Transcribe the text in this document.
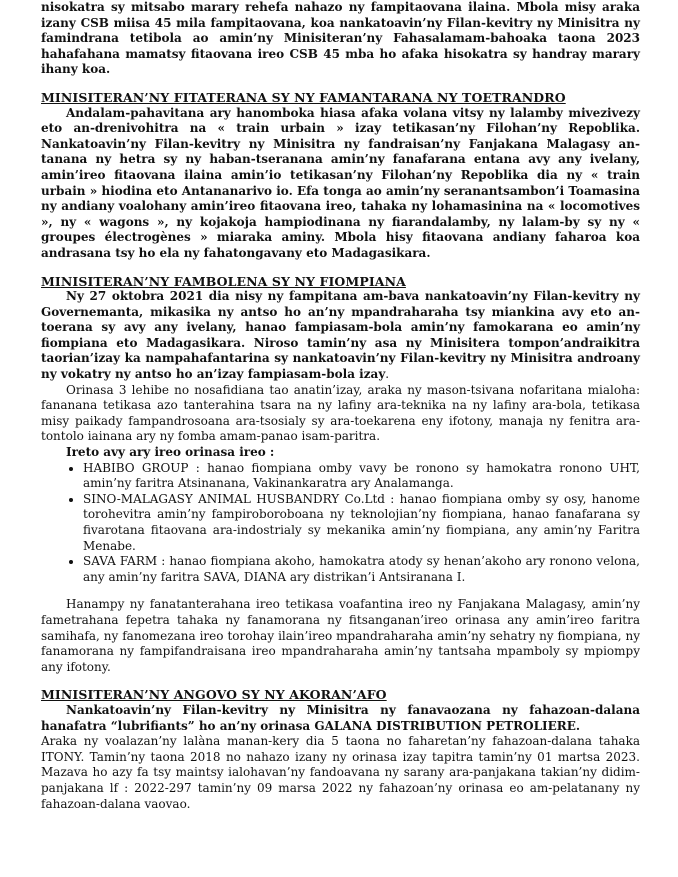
nisokatra sy mitsabo marary rehefa nahazo ny fampitaovana ilaina. Mbola misy araka izany CSB miisa 45 mila fampitaovana, koa nankatoavin’ny Filan-kevitry ny Minisitra ny famindrana tetibola ao amin’ny Minisiteran’ny Fahasalamam-bahoaka taona 2023 hahafahana mamatsy fitaovana ireo CSB 45 mba ho afaka hisokatra sy handray marary ihany koa.

MINISITERAN’NY FITATERANA SY NY FAMANTARANA NY TOETRANDRO

Andalam-pahavitana ary hanomboka hiasa afaka volana vitsy ny lalamby mivezivezy eto an-drenivohitra na « train urbain » izay tetikasan’ny Filohan’ny Repoblika. Nankatoavin’ny Filan-kevitry ny Minisitra ny fandraisan’ny Fanjakana Malagasy an-tanana ny hetra sy ny haban-tseranana amin’ny fanafarana entana avy any ivelany, amin’ireo fitaovana ilaina amin’io tetikasan’ny Filohan’ny Repoblika dia ny « train urbain » hiodina eto Antananarivo io. Efa tonga ao amin’ny seranantsambon’i Toamasina ny andiany voalohany amin’ireo fitaovana ireo, tahaka ny lohamasinina na « locomotives », ny « wagons », ny kojakoja hampiodinana ny fiarandalamby, ny lalam-by sy ny « groupes électrogènes » miaraka aminy. Mbola hisy fitaovana andiany faharoa koa andrasana tsy ho ela ny fahatongavany eto Madagasikara.

MINISITERAN’NY FAMBOLENA SY NY FIOMPIANA

Ny 27 oktobra 2021 dia nisy ny fampitana am-bava nankatoavin’ny Filan-kevitry ny Governemanta, mikasika ny antso ho an’ny mpandraharaha tsy miankina avy eto an-toerana sy avy any ivelany, hanao fampiasam-bola amin’ny famokarana eo amin’ny fiompiana eto Madagasikara. Niroso tamin’ny asa ny Minisitera tompon’andraikitra taorian’izay ka nampahafantarina sy nankatoavin’ny Filan-kevitry ny Minisitra androany ny vokatry ny antso ho an’izay fampiasam-bola izay.

Orinasa 3 lehibe no nosafidiana tao anatin’izay, araka ny mason-tsivana nofaritana mialoha: fananana tetikasa azo tanterahina tsara na ny lafiny ara-teknika na ny lafiny ara-bola, tetikasa misy paikady fampandrosoana ara-tsosialy sy ara-toekarena eny ifotony, manaja ny fenitra ara-tontolo iainana ary ny fomba amam-panao isam-paritra.

Ireto avy ary ireo orinasa ireo :
• HABIBO GROUP : hanao fiompiana omby vavy be ronono sy hamokatra ronono UHT, amin’ny faritra Atsinanana, Vakinankaratra ary Analamanga.
• SINO-MALAGASY ANIMAL HUSBANDRY Co.Ltd : hanao fiompiana omby sy osy, hanome torohevitra amin’ny fampiroboroboana ny teknolojian’ny fiompiana, hanao fanafarana sy fivarotana fitaovana ara-indostrialy sy mekanika amin’ny fiompiana, any amin’ny Faritra Menabe.
• SAVA FARM : hanao fiompiana akoho, hamokatra atody sy henan’akoho ary ronono velona, any amin’ny faritra SAVA, DIANA ary distrikan’i Antsiranana I.

Hanampy ny fanatanterahana ireo tetikasa voafantina ireo ny Fanjakana Malagasy, amin’ny fametrahana fepetra tahaka ny fanamorana ny fitsanganan’ireo orinasa any amin’ireo faritra samihafa, ny fanomezana ireo torohay ilain’ireo mpandraharaha amin’ny sehatry ny fiompiana, ny fanamorana ny fampifandraisana ireo mpandraharaha amin’ny tantsaha mpamboly sy mpiompy any ifotony.

MINISITERAN’NY ANGOVO SY NY AKORAN’AFO

Nankatoavin’ny Filan-kevitry ny Minisitra ny fanavaozana ny fahazoan-dalana hanafatra “lubrifiants” ho an’ny orinasa GALANA DISTRIBUTION PETROLIERE.

Araka ny voalazan’ny lalàna manan-kery dia 5 taona no faharetan’ny fahazoan-dalana tahaka ITONY. Tamin’ny taona 2018 no nahazo izany ny orinasa izay tapitra tamin’ny 01 martsa 2023. Mazava ho azy fa tsy maintsy ialohavan’ny fandoavana ny sarany ara-panjakana takian’ny didim-panjakana lf : 2022-297 tamin’ny 09 marsa 2022 ny fahazoan’ny orinasa eo am-pelatanany ny fahazoan-dalana vaovao.
